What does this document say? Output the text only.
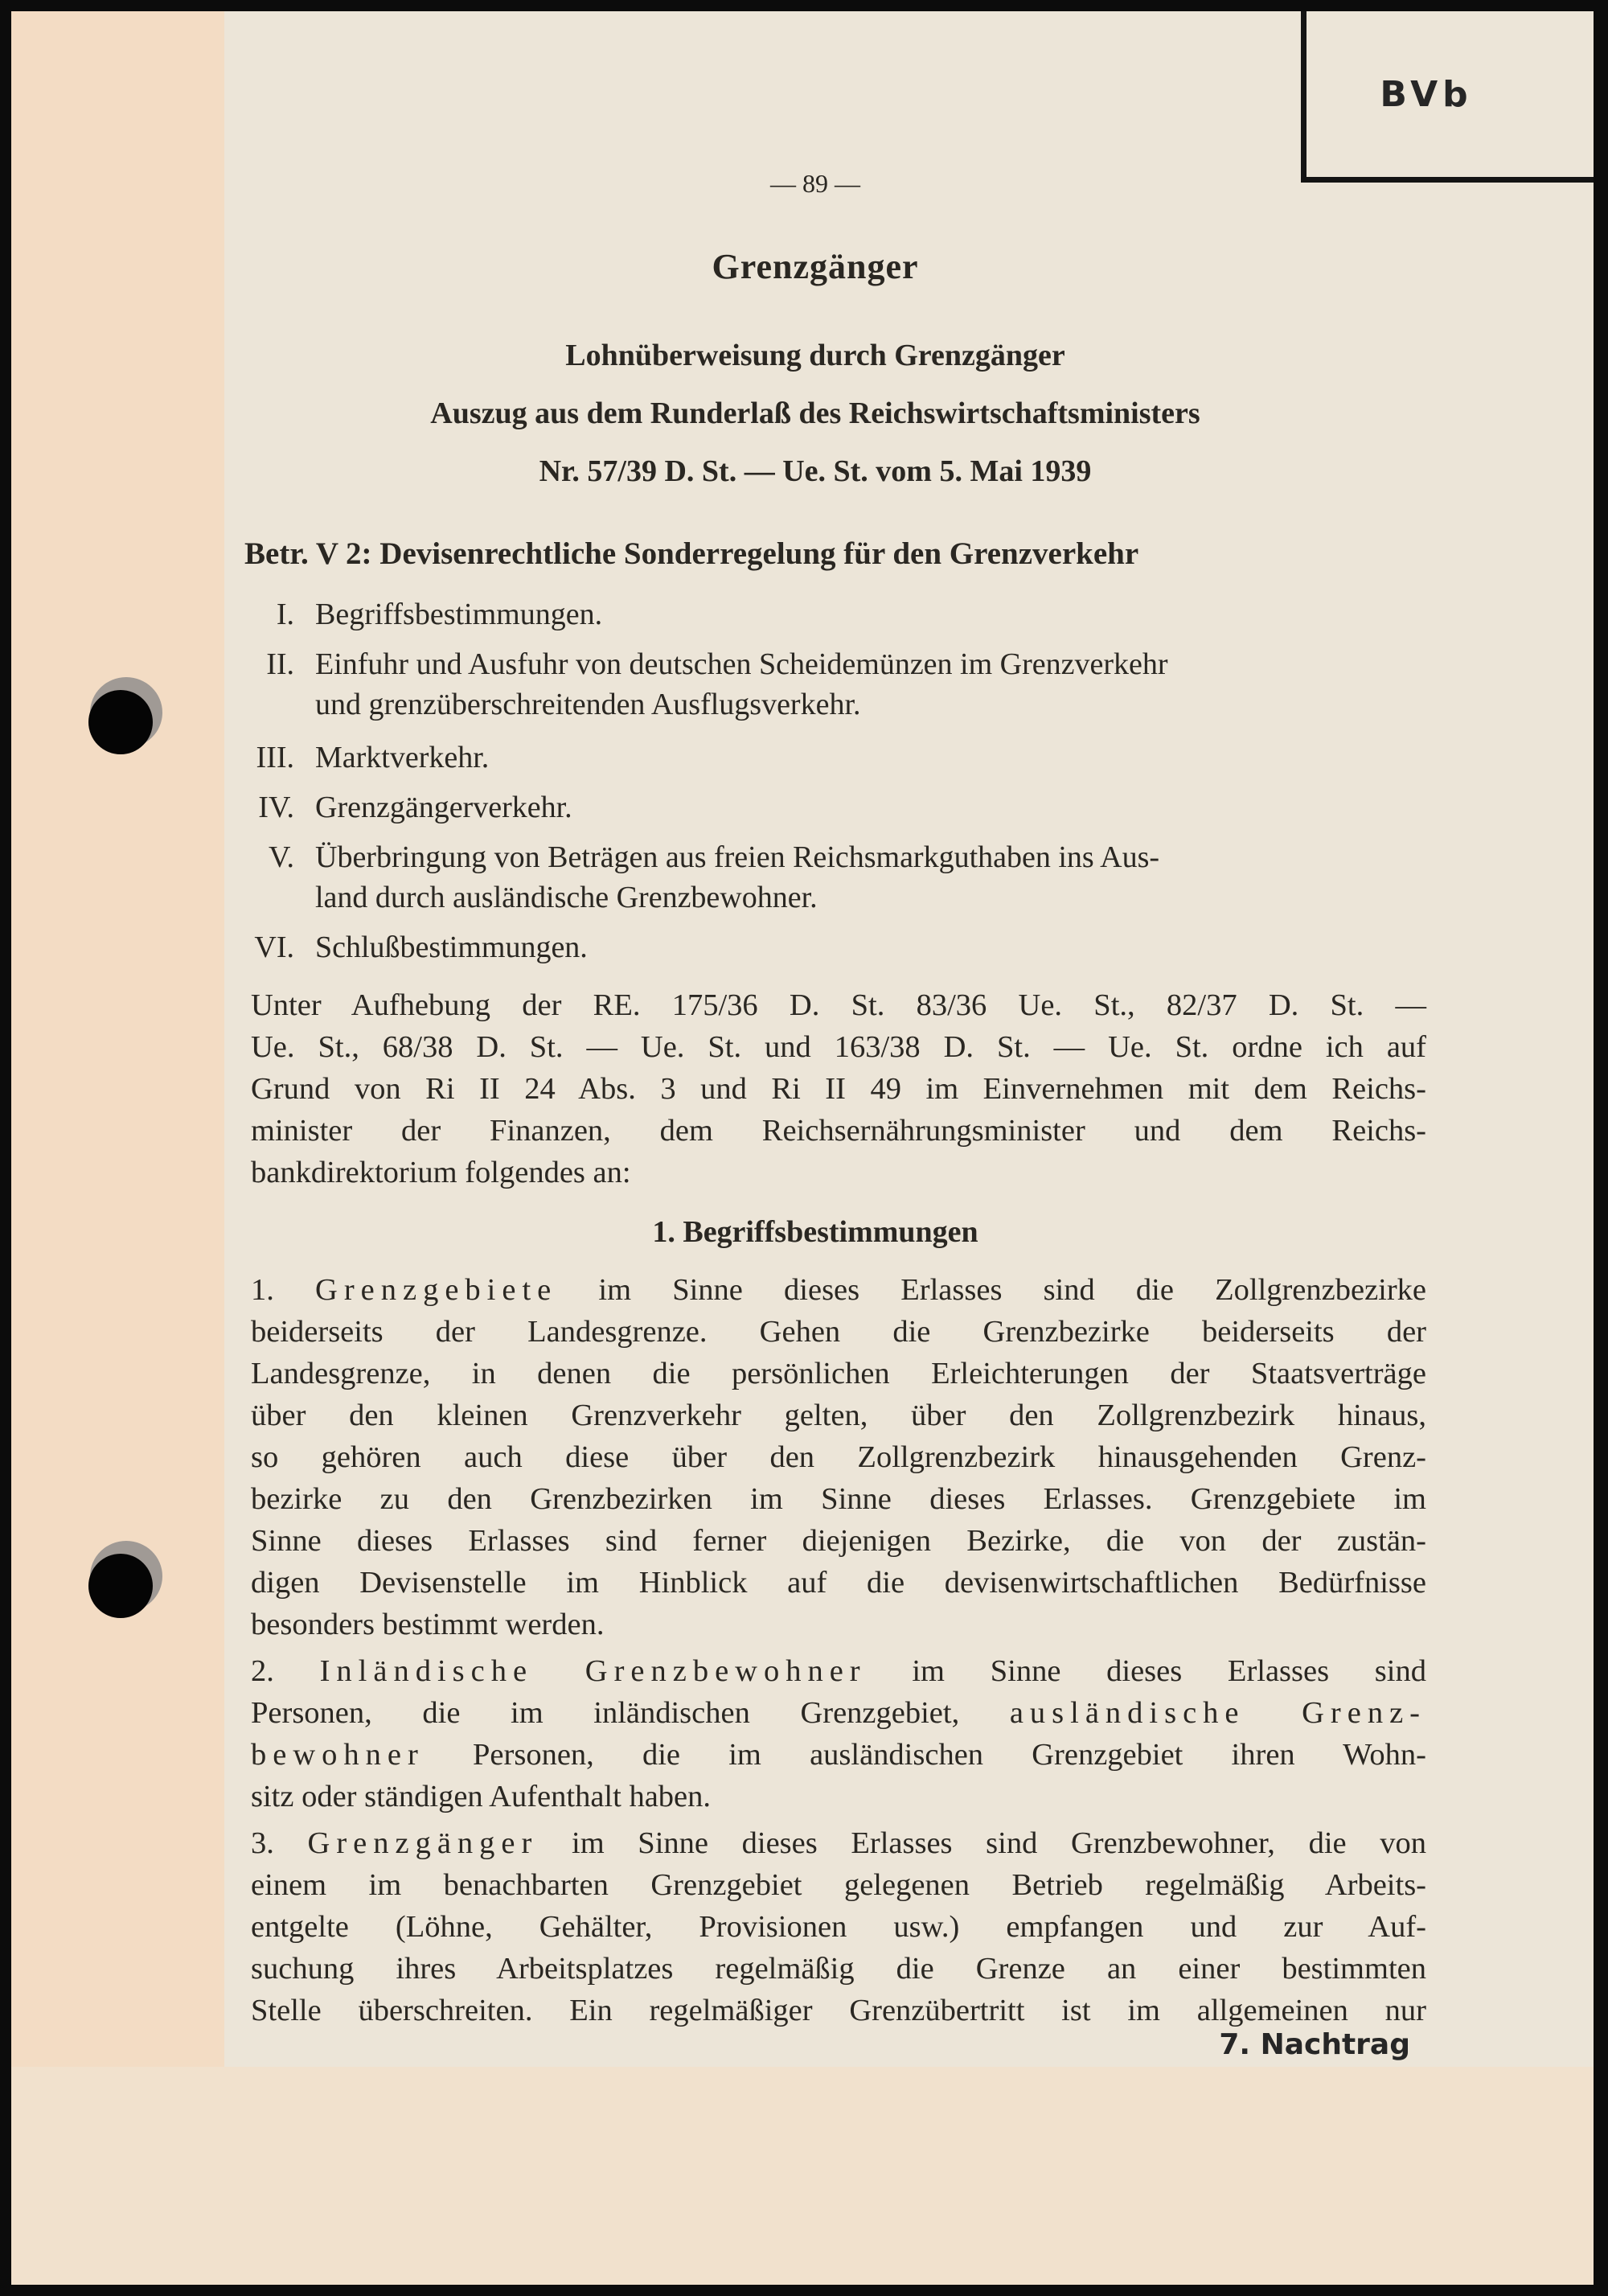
BVb
— 89 —
Grenzgänger
Lohnüberweisung durch Grenzgänger
Auszug aus dem Runderlaß des Reichswirtschaftsministers
Nr. 57/39 D. St. — Ue. St. vom 5. Mai 1939
Betr. V 2: Devisenrechtliche Sonderregelung für den Grenzverkehr
I. Begriffsbestimmungen.
II. Einfuhr und Ausfuhr von deutschen Scheidemünzen im Grenzverkehr
und grenzüberschreitenden Ausflugsverkehr.
III. Marktverkehr.
IV. Grenzgängerverkehr.
V. Überbringung von Beträgen aus freien Reichsmarkguthaben ins Aus-
land durch ausländische Grenzbewohner.
VI. Schlußbestimmungen.
Unter Aufhebung der RE. 175/36 D. St. 83/36 Ue. St., 82/37 D. St. —
Ue. St., 68/38 D. St. — Ue. St. und 163/38 D. St. — Ue. St. ordne ich auf
Grund von Ri II 24 Abs. 3 und Ri II 49 im Einvernehmen mit dem Reichs-
minister der Finanzen, dem Reichsernährungsminister und dem Reichs-
bankdirektorium folgendes an:
1. Begriffsbestimmungen
1. Grenzgebiete im Sinne dieses Erlasses sind die Zollgrenzbezirke
beiderseits der Landesgrenze. Gehen die Grenzbezirke beiderseits der
Landesgrenze, in denen die persönlichen Erleichterungen der Staatsverträge
über den kleinen Grenzverkehr gelten, über den Zollgrenzbezirk hinaus,
so gehören auch diese über den Zollgrenzbezirk hinausgehenden Grenz-
bezirke zu den Grenzbezirken im Sinne dieses Erlasses. Grenzgebiete im
Sinne dieses Erlasses sind ferner diejenigen Bezirke, die von der zustän-
digen Devisenstelle im Hinblick auf die devisenwirtschaftlichen Bedürfnisse
besonders bestimmt werden.
2. Inländische Grenzbewohner im Sinne dieses Erlasses sind
Personen, die im inländischen Grenzgebiet, ausländische Grenz-
bewohner Personen, die im ausländischen Grenzgebiet ihren Wohn-
sitz oder ständigen Aufenthalt haben.
3. Grenzgänger im Sinne dieses Erlasses sind Grenzbewohner, die von
einem im benachbarten Grenzgebiet gelegenen Betrieb regelmäßig Arbeits-
entgelte (Löhne, Gehälter, Provisionen usw.) empfangen und zur Auf-
suchung ihres Arbeitsplatzes regelmäßig die Grenze an einer bestimmten
Stelle überschreiten. Ein regelmäßiger Grenzübertritt ist im allgemeinen nur
7. Nachtrag
